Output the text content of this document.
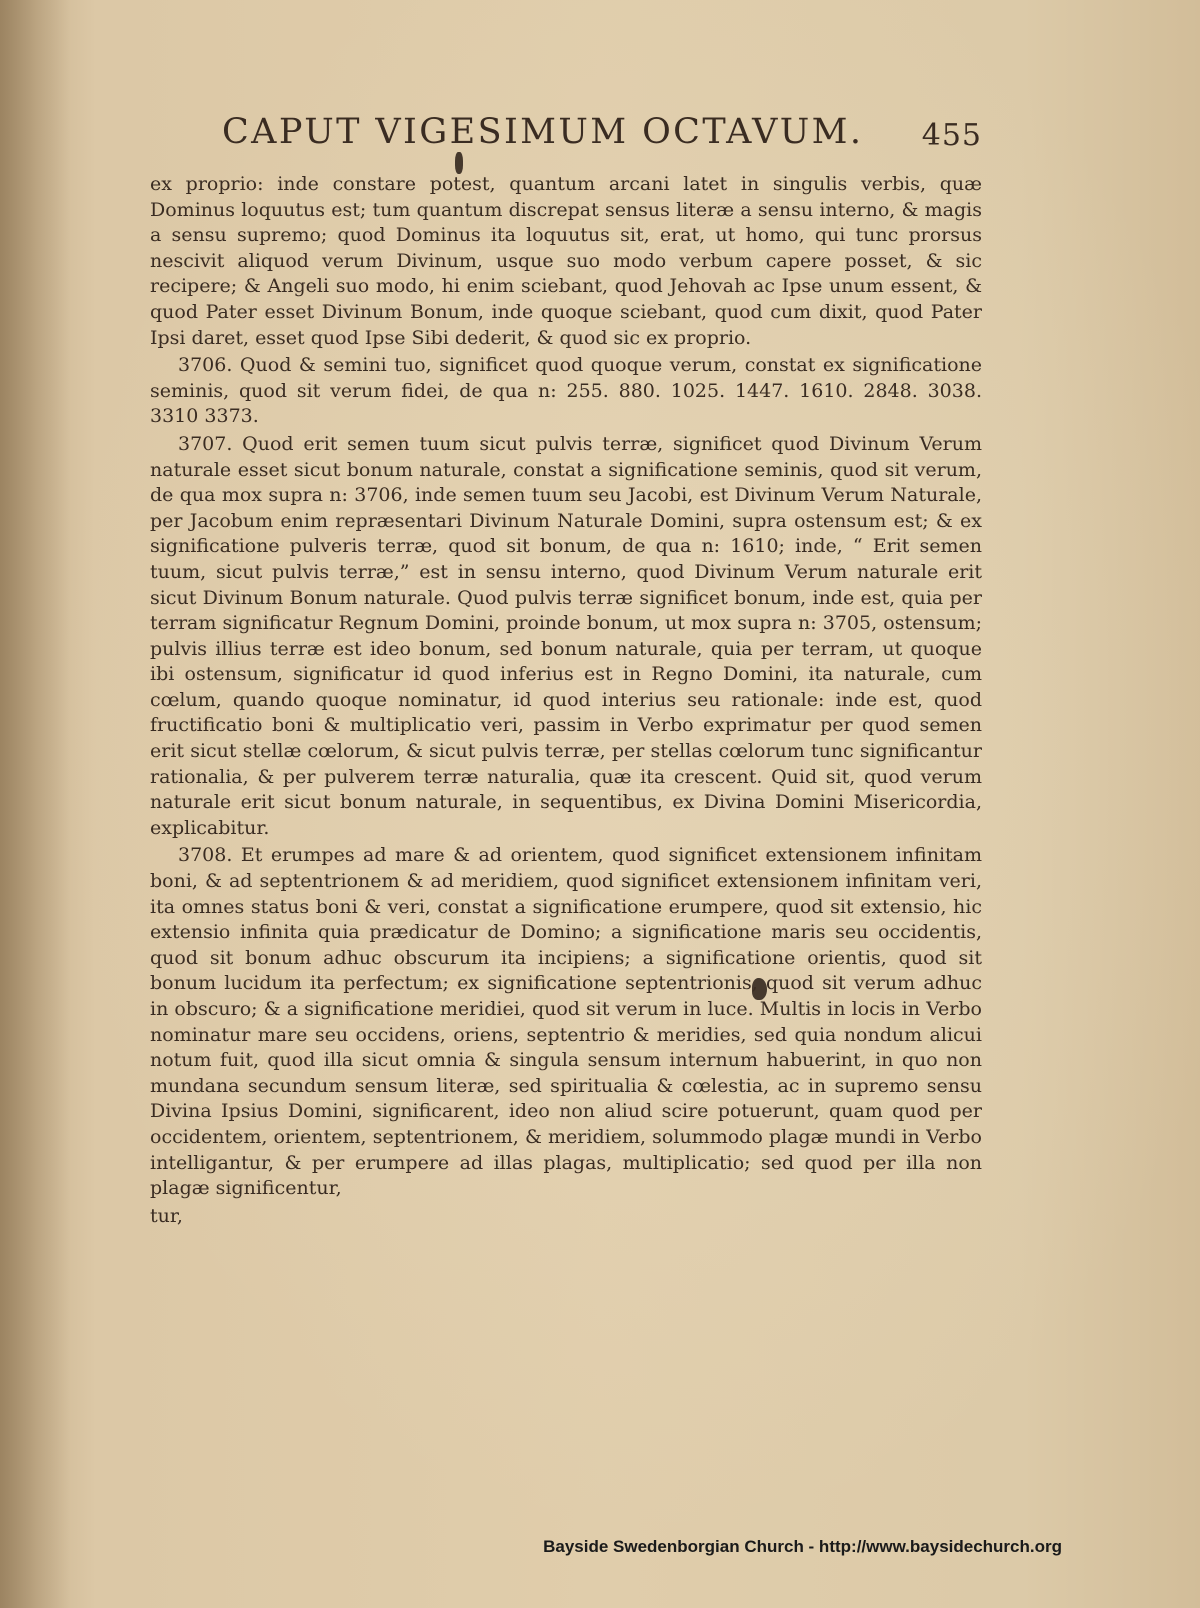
CAPUT VIGESIMUM OCTAVUM. 455

ex proprio: inde constare potest, quantum arcani latet in singulis verbis, quæ Dominus loquutus est; tum quantum discrepat sensus literæ a sensu interno, & magis a sensu supremo; quod Dominus ita loquutus sit, erat, ut homo, qui tunc prorsus nescivit aliquod verum Divinum, usque suo modo verbum capere posset, & sic recipere; & Angeli suo modo, hi enim sciebant, quod Jehovah ac Ipse unum essent, & quod Pater esset Divinum Bonum, inde quoque sciebant, quod cum dixit, quod Pater Ipsi daret, esset quod Ipse Sibi dederit, & quod sic ex proprio.

3706. Quod & semini tuo, significet quod quoque verum, constat ex significatione seminis, quod sit verum fidei, de qua n: 255. 880. 1025. 1447. 1610. 2848. 3038. 3310 3373.

3707. Quod erit semen tuum sicut pulvis terræ, significet quod Divinum Verum naturale esset sicut bonum naturale, constat a significatione seminis, quod sit verum, de qua mox supra n: 3706, inde semen tuum seu Jacobi, est Divinum Verum Naturale, per Jacobum enim repræsentari Divinum Naturale Domini, supra ostensum est; & ex significatione pulveris terræ, quod sit bonum, de qua n: 1610; inde, “ Erit semen tuum, sicut pulvis terræ,” est in sensu interno, quod Divinum Verum naturale erit sicut Divinum Bonum naturale. Quod pulvis terræ significet bonum, inde est, quia per terram significatur Regnum Domini, proinde bonum, ut mox supra n: 3705, ostensum; pulvis illius terræ est ideo bonum, sed bonum naturale, quia per terram, ut quoque ibi ostensum, significatur id quod inferius est in Regno Domini, ita naturale, cum cœlum, quando quoque nominatur, id quod interius seu rationale: inde est, quod fructificatio boni & multiplicatio veri, passim in Verbo exprimatur per quod semen erit sicut stellæ cœlorum, & sicut pulvis terræ, per stellas cœlorum tunc significantur rationalia, & per pulverem terræ naturalia, quæ ita crescent. Quid sit, quod verum naturale erit sicut bonum naturale, in sequentibus, ex Divina Domini Misericordia, explicabitur.

3708. Et erumpes ad mare & ad orientem, quod significet extensionem infinitam boni, & ad septentrionem & ad meridiem, quod significet extensionem infinitam veri, ita omnes status boni & veri, constat a significatione erumpere, quod sit extensio, hic extensio infinita quia prædicatur de Domino; a significatione maris seu occidentis, quod sit bonum adhuc obscurum ita incipiens; a significatione orientis, quod sit bonum lucidum ita perfectum; ex significatione septentrionis, quod sit verum adhuc in obscuro; & a significatione meridiei, quod sit verum in luce. Multis in locis in Verbo nominatur mare seu occidens, oriens, septentrio & meridies, sed quia nondum alicui notum fuit, quod illa sicut omnia & singula sensum internum habuerint, in quo non mundana secundum sensum literæ, sed spiritualia & cœlestia, ac in supremo sensu Divina Ipsius Domini, significarent, ideo non aliud scire potuerunt, quam quod per occidentem, orientem, septentrionem, & meridiem, solummodo plagæ mundi in Verbo intelligantur, & per erumpere ad illas plagas, multiplicatio; sed quod per illa non plagæ significentur,

tur,

Bayside Swedenborgian Church - http://www.baysidechurch.org
